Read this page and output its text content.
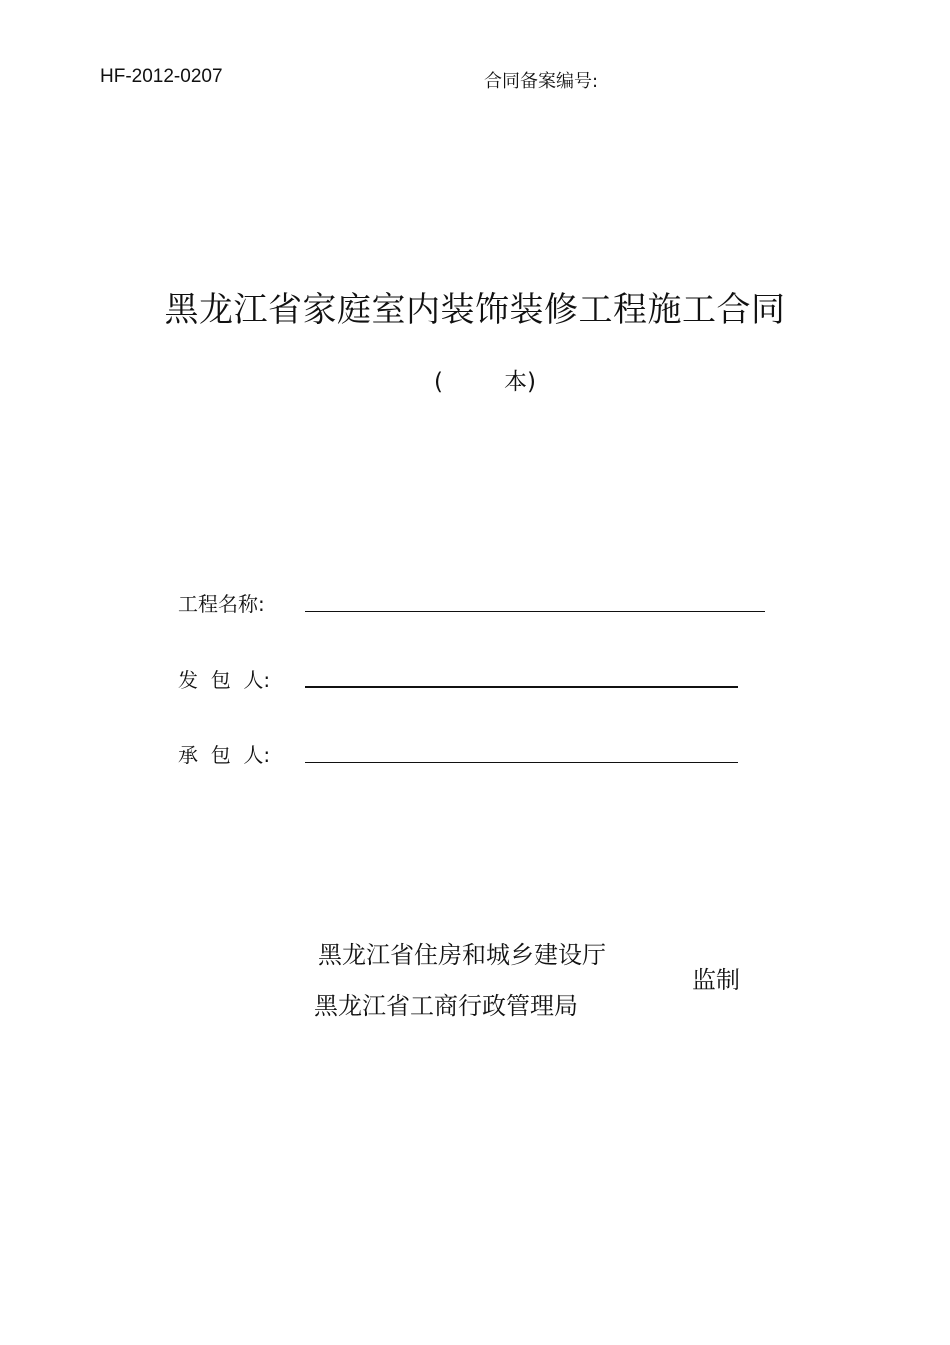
HF-2012-0207	合同备案编号:
黑龙江省家庭室内装饰装修工程施工合同
(	本)
工程名称:
发  包  人:
承  包  人:
黑龙江省住房和城乡建设厅
黑龙江省工商行政管理局
监制
